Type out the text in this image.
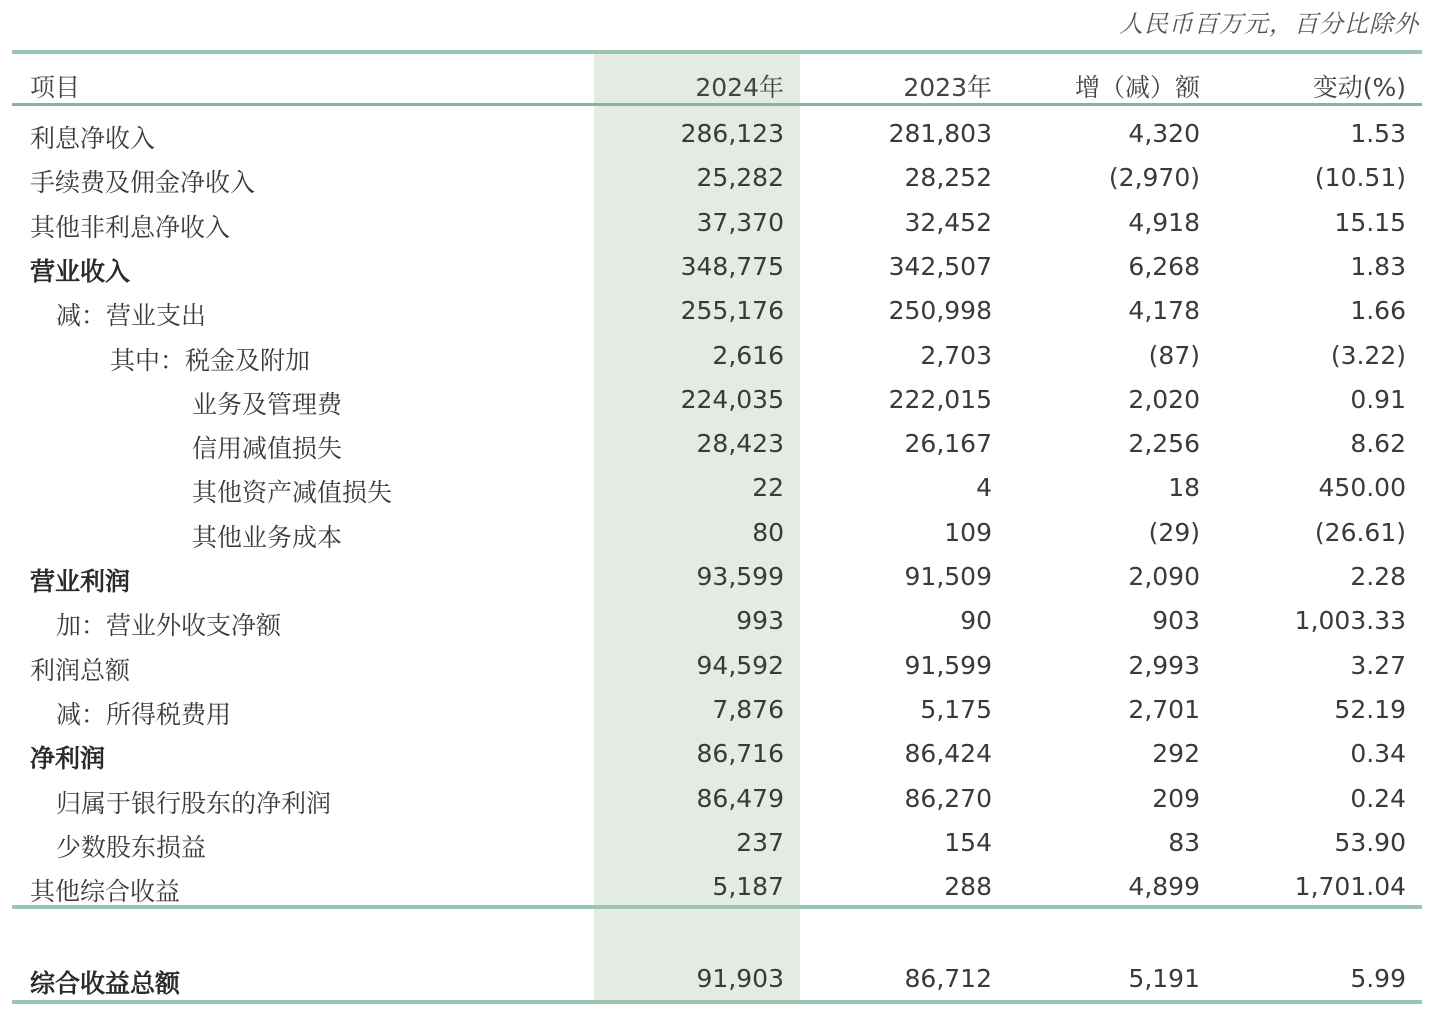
人民币百万元，百分比除外
项目	2024年	2023年	增（减）额	变动(%)
利息净收入	286,123	281,803	4,320	1.53
手续费及佣金净收入	25,282	28,252	(2,970)	(10.51)
其他非利息净收入	37,370	32,452	4,918	15.15
营业收入	348,775	342,507	6,268	1.83
减：营业支出	255,176	250,998	4,178	1.66
其中：税金及附加	2,616	2,703	(87)	(3.22)
业务及管理费	224,035	222,015	2,020	0.91
信用减值损失	28,423	26,167	2,256	8.62
其他资产减值损失	22	4	18	450.00
其他业务成本	80	109	(29)	(26.61)
营业利润	93,599	91,509	2,090	2.28
加：营业外收支净额	993	90	903	1,003.33
利润总额	94,592	91,599	2,993	3.27
减：所得税费用	7,876	5,175	2,701	52.19
净利润	86,716	86,424	292	0.34
归属于银行股东的净利润	86,479	86,270	209	0.24
少数股东损益	237	154	83	53.90
其他综合收益	5,187	288	4,899	1,701.04
综合收益总额	91,903	86,712	5,191	5.99
